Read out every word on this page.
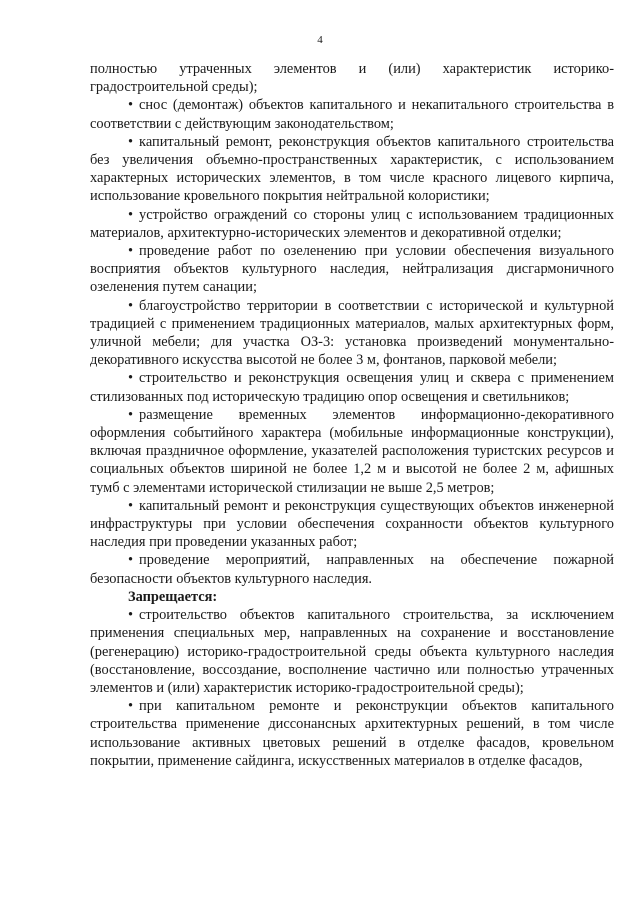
4

полностью утраченных элементов и (или) характеристик историко-градостроительной среды);

• снос (демонтаж) объектов капитального и некапитального строительства в соответствии с действующим законодательством;

• капитальный ремонт, реконструкция объектов капитального строительства без увеличения объемно-пространственных характеристик, с использованием характерных исторических элементов, в том числе красного лицевого кирпича, использование кровельного покрытия нейтральной колористики;

• устройство ограждений со стороны улиц с использованием традиционных материалов, архитектурно-исторических элементов и декоративной отделки;

• проведение работ по озеленению при условии обеспечения визуального восприятия объектов культурного наследия, нейтрализация дисгармоничного озеленения путем санации;

• благоустройство территории в соответствии с исторической и культурной традицией с применением традиционных материалов, малых архитектурных форм, уличной мебели; для участка ОЗ-3: установка произведений монументально-декоративного искусства высотой не более 3 м, фонтанов, парковой мебели;

• строительство и реконструкция освещения улиц и сквера с применением стилизованных под историческую традицию опор освещения и светильников;

• размещение временных элементов информационно-декоративного оформления событийного характера (мобильные информационные конструкции), включая праздничное оформление, указателей расположения туристских ресурсов и социальных объектов шириной не более 1,2 м и высотой не более 2 м, афишных тумб с элементами исторической стилизации не выше 2,5 метров;

• капитальный ремонт и реконструкция существующих объектов инженерной инфраструктуры при условии обеспечения сохранности объектов культурного наследия при проведении указанных работ;

• проведение мероприятий, направленных на обеспечение пожарной безопасности объектов культурного наследия.

Запрещается:

• строительство объектов капитального строительства, за исключением применения специальных мер, направленных на сохранение и восстановление (регенерацию) историко-градостроительной среды объекта культурного наследия (восстановление, воссоздание, восполнение частично или полностью утраченных элементов и (или) характеристик историко-градостроительной среды);

• при капитальном ремонте и реконструкции объектов капитального строительства применение диссонансных архитектурных решений, в том числе использование активных цветовых решений в отделке фасадов, кровельном покрытии, применение сайдинга, искусственных материалов в отделке фасадов,
